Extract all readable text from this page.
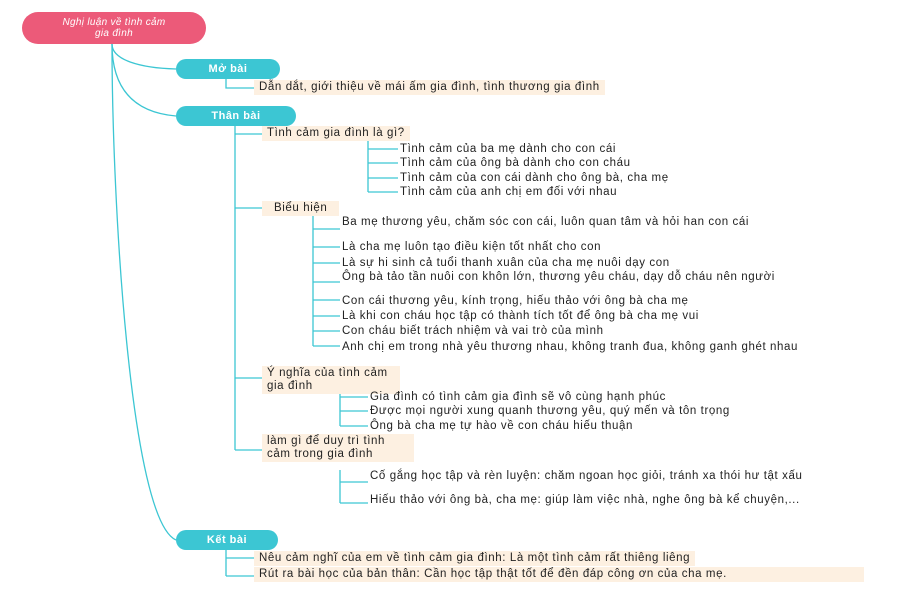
Nghị luận về tình cảm gia đình
Mở bài
Dẫn dắt, giới thiệu về mái ấm gia đình, tình thương gia đình
Thân bài
Tình cảm gia đình là gì?
Tình cảm của ba mẹ dành cho con cái
Tình cảm của ông bà dành cho con cháu
Tình cảm của con cái dành cho ông bà, cha mẹ
Tình cảm của anh chị em đối với nhau
Biểu hiện
Ba mẹ thương yêu, chăm sóc con cái, luôn quan tâm và hỏi han con cái
Là cha mẹ luôn tạo điều kiện tốt nhất cho con
Là sự hi sinh cả tuổi thanh xuân của cha mẹ nuôi dạy con
Ông bà tảo tần nuôi con khôn lớn, thương yêu cháu, dạy dỗ cháu nên người
Con cái thương yêu, kính trọng, hiếu thảo với ông bà cha mẹ
Là khi con cháu học tập có thành tích tốt để ông bà cha mẹ vui
Con cháu biết trách nhiệm và vai trò của mình
Anh chị em trong nhà yêu thương nhau, không tranh đua, không ganh ghét nhau
Ý nghĩa của tình cảm gia đình
Gia đình có tình cảm gia đình sẽ vô cùng hạnh phúc
Được mọi người xung quanh thương yêu, quý mến và tôn trọng
Ông bà cha mẹ tự hào về con cháu hiếu thuận
làm gì để duy trì tình cảm trong gia đình
Cố gắng học tập và rèn luyện: chăm ngoan học giỏi, tránh xa thói hư tật xấu
Hiếu thảo với ông bà, cha mẹ: giúp làm việc nhà, nghe ông bà kể chuyện,...
Kết bài
Nêu cảm nghĩ của em về tình cảm gia đình: Là một tình cảm rất thiêng liêng
Rút ra bài học của bản thân: Cần học tập thật tốt để đền đáp công ơn của cha mẹ.
